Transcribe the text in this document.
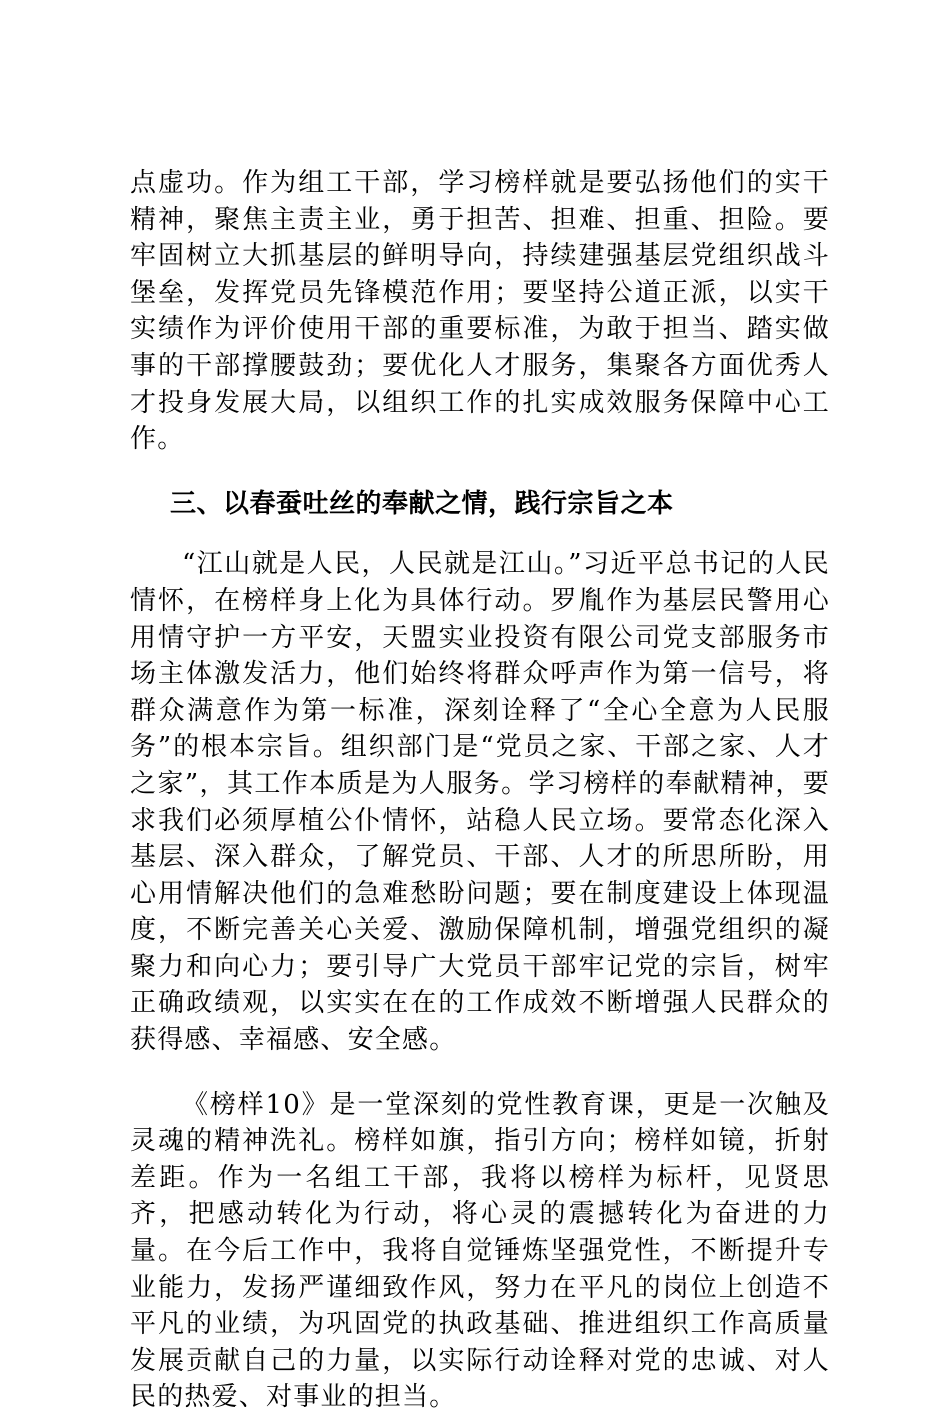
点虚功。作为组工干部，学习榜样就是要弘扬他们的实干精神，聚焦主责主业，勇于担苦、担难、担重、担险。要牢固树立大抓基层的鲜明导向，持续建强基层党组织战斗堡垒，发挥党员先锋模范作用；要坚持公道正派，以实干实绩作为评价使用干部的重要标准，为敢于担当、踏实做事的干部撑腰鼓劲；要优化人才服务，集聚各方面优秀人才投身发展大局，以组织工作的扎实成效服务保障中心工作。

三、以春蚕吐丝的奉献之情，践行宗旨之本

“江山就是人民，人民就是江山。”习近平总书记的人民情怀，在榜样身上化为具体行动。罗胤作为基层民警用心用情守护一方平安，天盟实业投资有限公司党支部服务市场主体激发活力，他们始终将群众呼声作为第一信号，将群众满意作为第一标准，深刻诠释了“全心全意为人民服务”的根本宗旨。组织部门是“党员之家、干部之家、人才之家”，其工作本质是为人服务。学习榜样的奉献精神，要求我们必须厚植公仆情怀，站稳人民立场。要常态化深入基层、深入群众，了解党员、干部、人才的所思所盼，用心用情解决他们的急难愁盼问题；要在制度建设上体现温度，不断完善关心关爱、激励保障机制，增强党组织的凝聚力和向心力；要引导广大党员干部牢记党的宗旨，树牢正确政绩观，以实实在在的工作成效不断增强人民群众的获得感、幸福感、安全感。

《榜样10》是一堂深刻的党性教育课，更是一次触及灵魂的精神洗礼。榜样如旗，指引方向；榜样如镜，折射差距。作为一名组工干部，我将以榜样为标杆，见贤思齐，把感动转化为行动，将心灵的震撼转化为奋进的力量。在今后工作中，我将自觉锤炼坚强党性，不断提升专业能力，发扬严谨细致作风，努力在平凡的岗位上创造不平凡的业绩，为巩固党的执政基础、推进组织工作高质量发展贡献自己的力量，以实际行动诠释对党的忠诚、对人民的热爱、对事业的担当。
